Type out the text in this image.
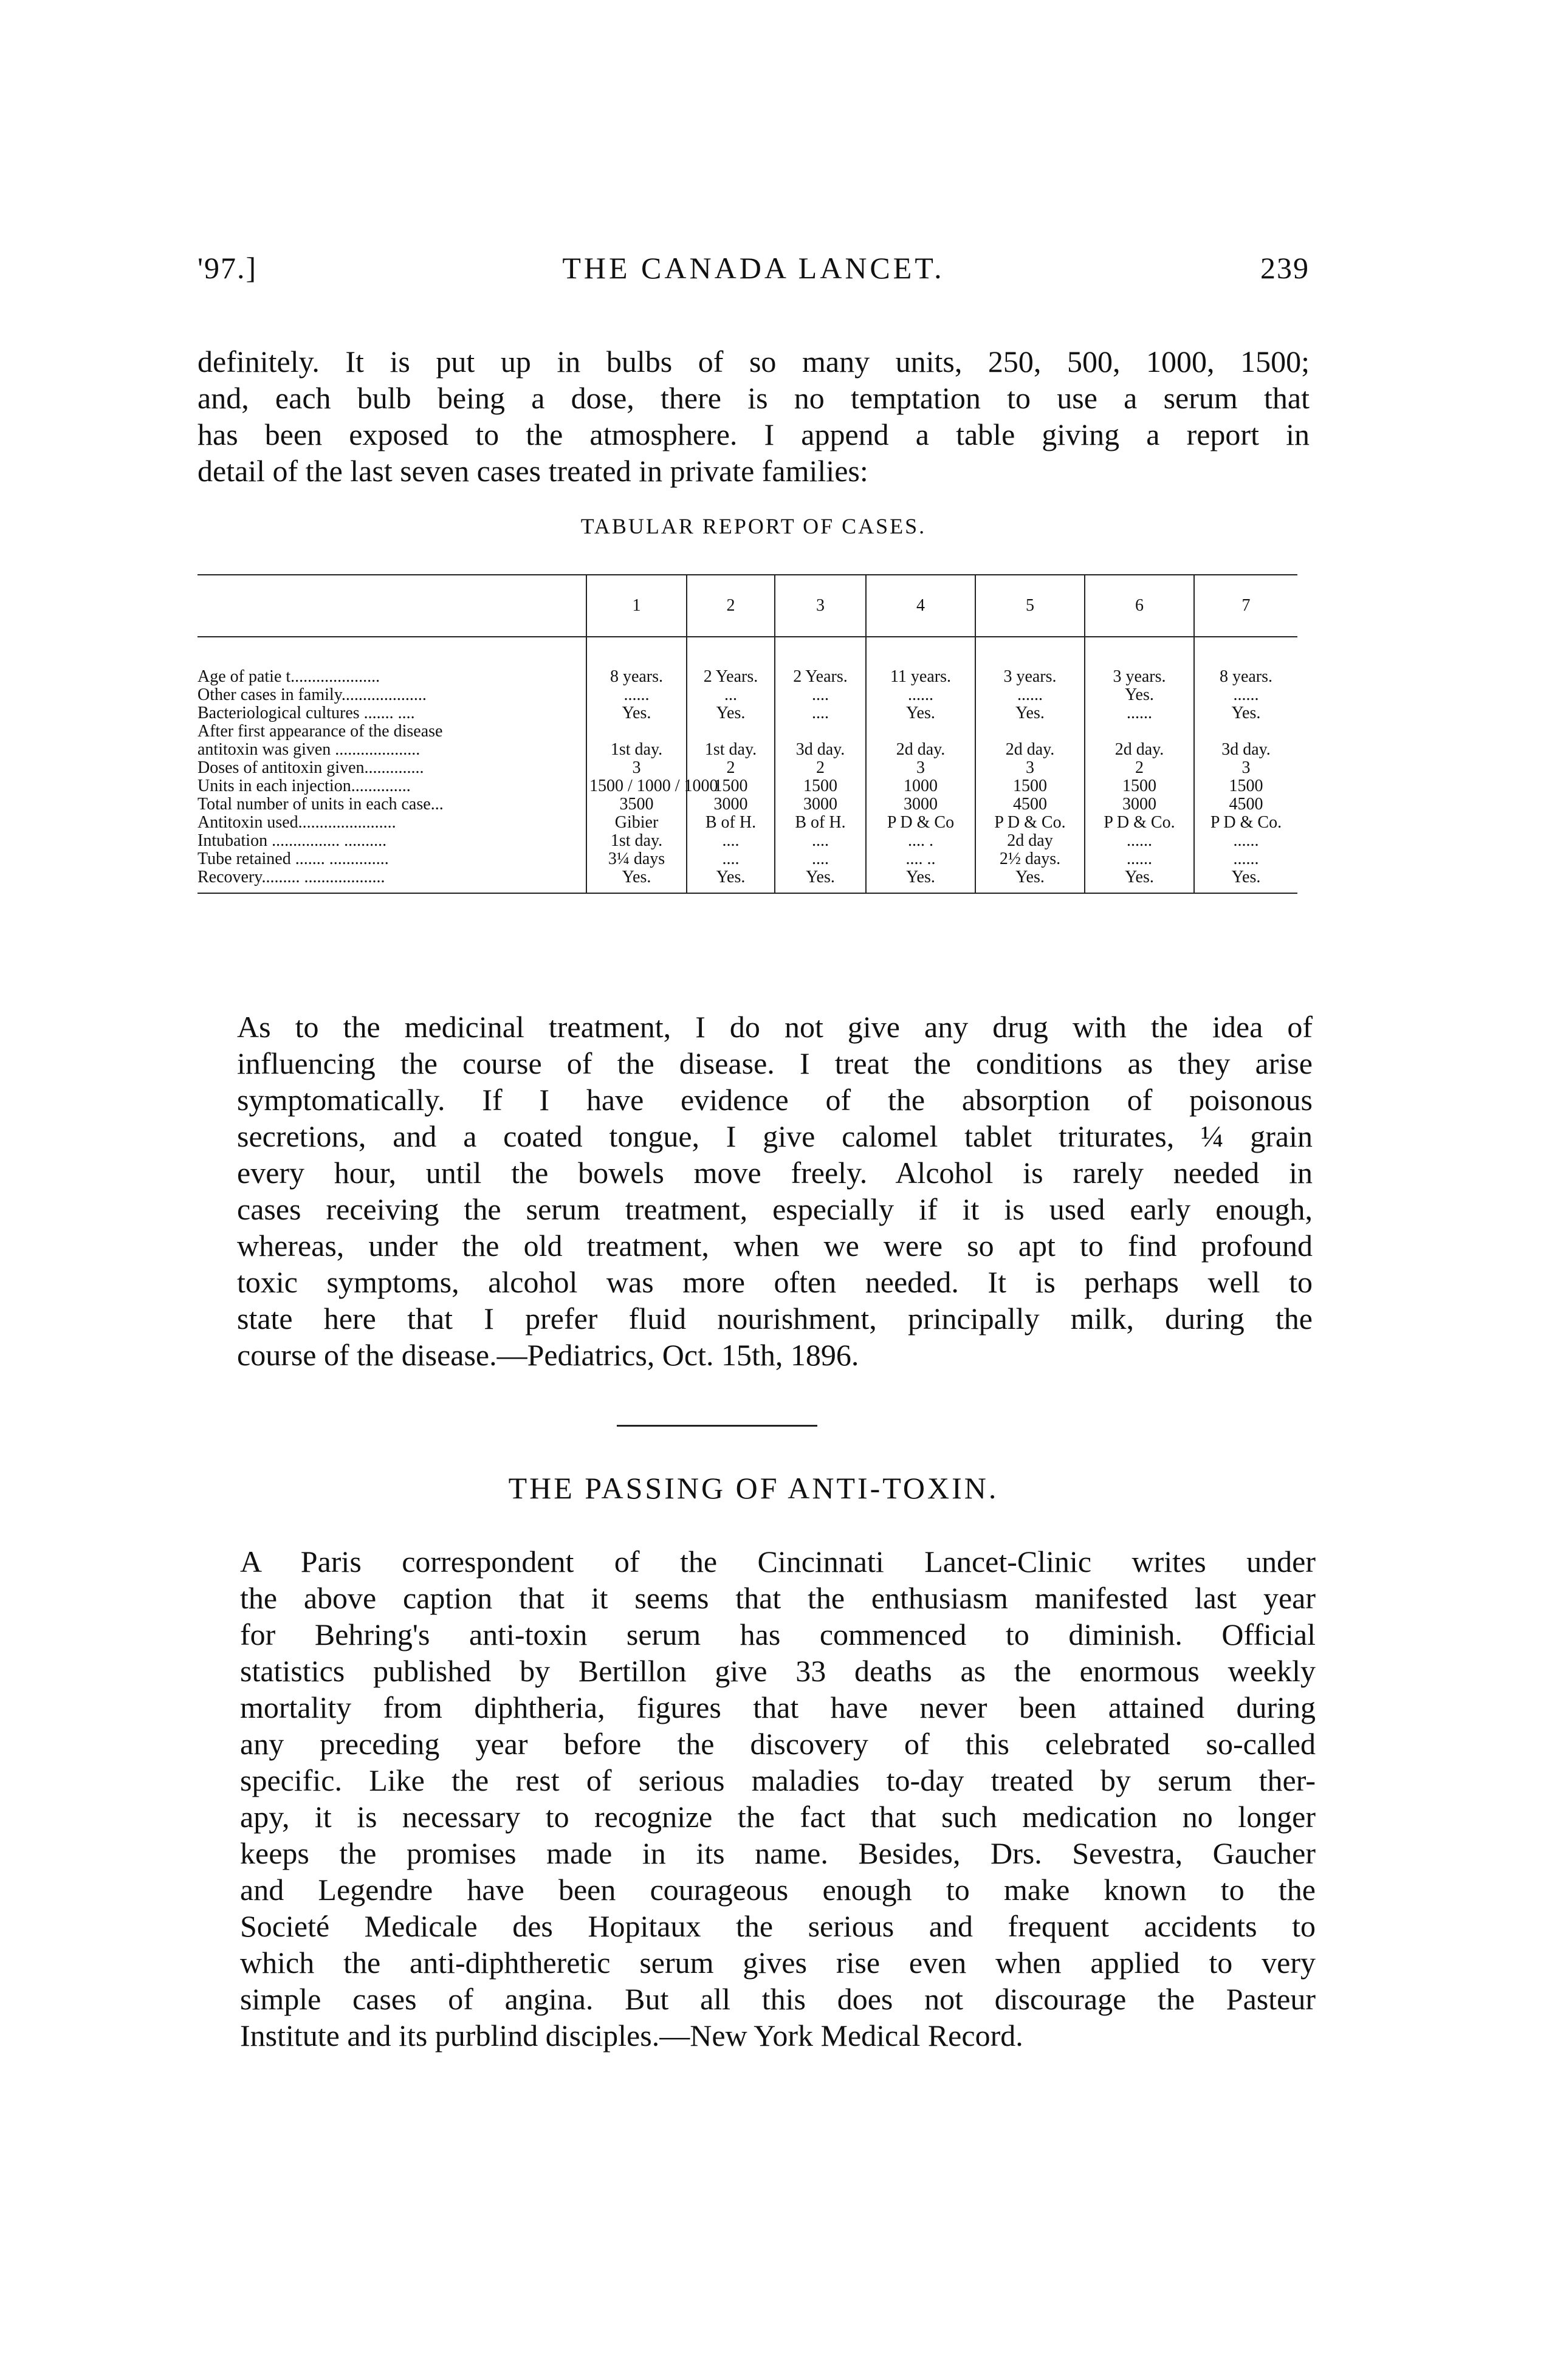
'97.]	THE CANADA LANCET.	239

definitely. It is put up in bulbs of so many units, 250, 500, 1000, 1500;
and, each bulb being a dose, there is no temptation to use a serum that
has been exposed to the atmosphere. I append a table giving a report in
detail of the last seven cases treated in private families:

TABULAR REPORT OF CASES.
	1	2	3	4	5	6	7
Age of patie t.....................	8 years.	2 Years.	2 Years.	11 years.	3 years.	3 years.	8 years.
Other cases in family....................	......	...	....	......	......	Yes.	......
Bacteriological cultures ....... ....	Yes.	Yes.	....	Yes.	Yes.	......	Yes.
After first appearance of the disease							
antitoxin was given ....................	1st day.	1st day.	3d day.	2d day.	2d day.	2d day.	3d day.
Doses of antitoxin given..............	3	2	2	3	3	2	3
Units in each injection..............	1500 / 1000 / 1000	1500	1500	1000	1500	1500	1500
Total number of units in each case...	3500	3000	3000	3000	4500	3000	4500
Antitoxin used.......................	Gibier	B of H.	B of H.	P D & Co	P D & Co.	P D & Co.	P D & Co.
Intubation ................ ..........	1st day.	....	....	.... .	2d day	......	......
Tube retained ....... ..............	3¼ days	....	....	.... ..	2½ days.	......	......
Recovery......... ...................	Yes.	Yes.	Yes.	Yes.	Yes.	Yes.	Yes.

As to the medicinal treatment, I do not give any drug with the idea of
influencing the course of the disease. I treat the conditions as they arise
symptomatically. If I have evidence of the absorption of poisonous
secretions, and a coated tongue, I give calomel tablet triturates, ¼ grain
every hour, until the bowels move freely. Alcohol is rarely needed in
cases receiving the serum treatment, especially if it is used early enough,
whereas, under the old treatment, when we were so apt to find profound
toxic symptoms, alcohol was more often needed. It is perhaps well to
state here that I prefer fluid nourishment, principally milk, during the
course of the disease.—Pediatrics, Oct. 15th, 1896.

THE PASSING OF ANTI-TOXIN.

A Paris correspondent of the Cincinnati Lancet-Clinic writes under
the above caption that it seems that the enthusiasm manifested last year
for Behring's anti-toxin serum has commenced to diminish. Official
statistics published by Bertillon give 33 deaths as the enormous weekly
mortality from diphtheria, figures that have never been attained during
any preceding year before the discovery of this celebrated so-called
specific. Like the rest of serious maladies to-day treated by serum ther-
apy, it is necessary to recognize the fact that such medication no longer
keeps the promises made in its name. Besides, Drs. Sevestra, Gaucher
and Legendre have been courageous enough to make known to the
Societé Medicale des Hopitaux the serious and frequent accidents to
which the anti-diphtheretic serum gives rise even when applied to very
simple cases of angina. But all this does not discourage the Pasteur
Institute and its purblind disciples.—New York Medical Record.
